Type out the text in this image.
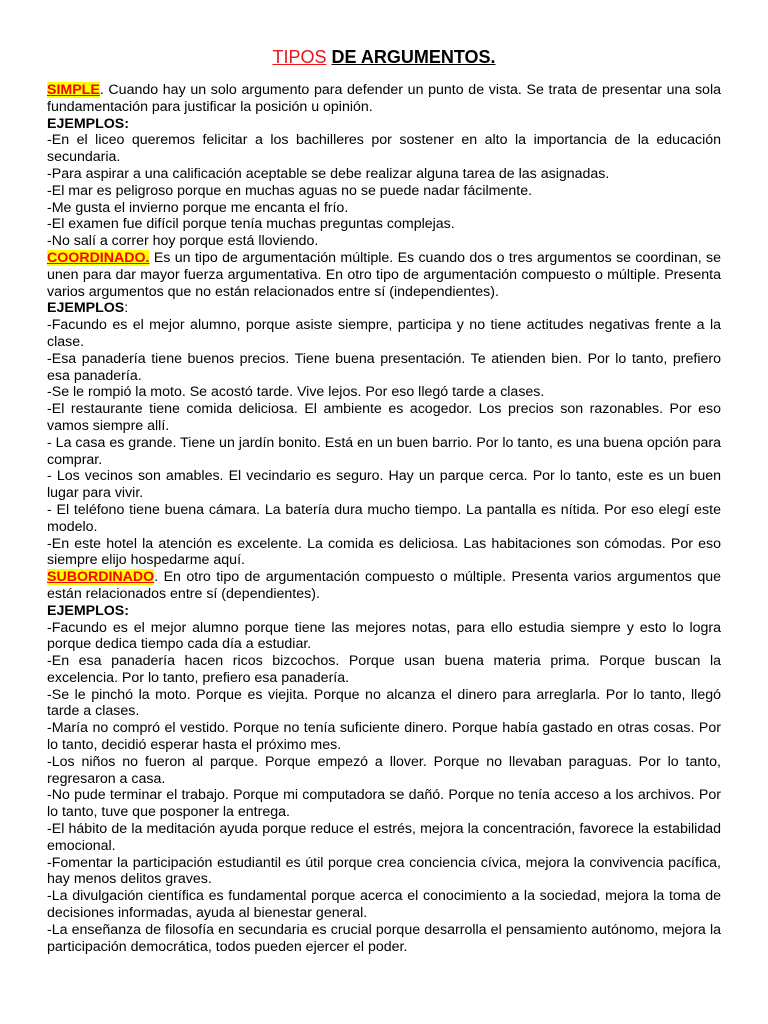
TIPOS DE ARGUMENTOS.

SIMPLE. Cuando hay un solo argumento para defender un punto de vista. Se trata de presentar una sola fundamentación para justificar la posición u opinión.

EJEMPLOS:

-En el liceo queremos felicitar a los bachilleres por sostener en alto la importancia de la educación secundaria.

-Para aspirar a una calificación aceptable se debe realizar alguna tarea de las asignadas.

-El mar es peligroso porque en muchas aguas no se puede nadar fácilmente.

-Me gusta el invierno porque me encanta el frío.

-El examen fue difícil porque tenía muchas preguntas complejas.

-No salí a correr hoy porque está lloviendo.

COORDINADO. Es un tipo de argumentación múltiple. Es cuando dos o tres argumentos se coordinan, se unen para dar mayor fuerza argumentativa. En otro tipo de argumentación compuesto o múltiple. Presenta varios argumentos que no están relacionados entre sí (independientes).

EJEMPLOS:

-Facundo es el mejor alumno, porque asiste siempre, participa y no tiene actitudes negativas frente a la clase.

-Esa panadería tiene buenos precios. Tiene buena presentación. Te atienden bien. Por lo tanto, prefiero esa panadería.

-Se le rompió la moto. Se acostó tarde. Vive lejos. Por eso llegó tarde a clases.

-El restaurante tiene comida deliciosa. El ambiente es acogedor. Los precios son razonables. Por eso vamos siempre allí.

- La casa es grande. Tiene un jardín bonito. Está en un buen barrio. Por lo tanto, es una buena opción para comprar.

- Los vecinos son amables. El vecindario es seguro. Hay un parque cerca. Por lo tanto, este es un buen lugar para vivir.

- El teléfono tiene buena cámara. La batería dura mucho tiempo. La pantalla es nítida. Por eso elegí este modelo.

-En este hotel la atención es excelente. La comida es deliciosa. Las habitaciones son cómodas. Por eso siempre elijo hospedarme aquí.

SUBORDINADO. En otro tipo de argumentación compuesto o múltiple. Presenta varios argumentos que están relacionados entre sí (dependientes).

EJEMPLOS:

-Facundo es el mejor alumno porque tiene las mejores notas, para ello estudia siempre y esto lo logra porque dedica tiempo cada día a estudiar.

-En esa panadería hacen ricos bizcochos. Porque usan buena materia prima. Porque buscan la excelencia. Por lo tanto, prefiero esa panadería.

-Se le pinchó la moto. Porque es viejita. Porque no alcanza el dinero para arreglarla. Por lo tanto, llegó tarde a clases.

-María no compró el vestido. Porque no tenía suficiente dinero. Porque había gastado en otras cosas. Por lo tanto, decidió esperar hasta el próximo mes.

-Los niños no fueron al parque. Porque empezó a llover. Porque no llevaban paraguas. Por lo tanto, regresaron a casa.

-No pude terminar el trabajo. Porque mi computadora se dañó. Porque no tenía acceso a los archivos. Por lo tanto, tuve que posponer la entrega.

-El hábito de la meditación ayuda porque reduce el estrés, mejora la concentración, favorece la estabilidad emocional.

-Fomentar la participación estudiantil es útil porque crea conciencia cívica, mejora la convivencia pacífica, hay menos delitos graves.

-La divulgación científica es fundamental porque acerca el conocimiento a la sociedad, mejora la toma de decisiones informadas, ayuda al bienestar general.

-La enseñanza de filosofía en secundaria es crucial porque desarrolla el pensamiento autónomo, mejora la participación democrática, todos pueden ejercer el poder.
